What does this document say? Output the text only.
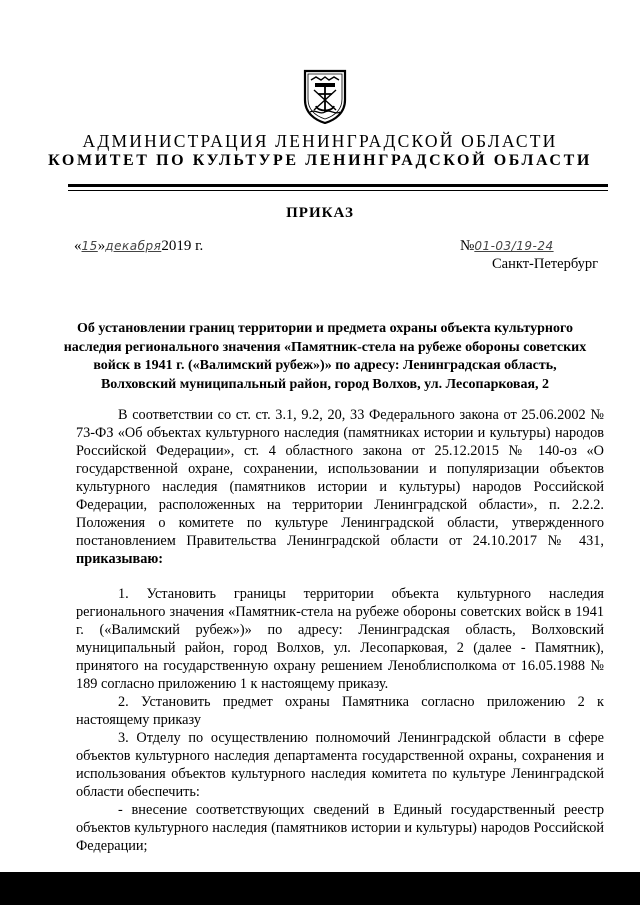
АДМИНИСТРАЦИЯ ЛЕНИНГРАДСКОЙ ОБЛАСТИ
КОМИТЕТ ПО КУЛЬТУРЕ ЛЕНИНГРАДСКОЙ ОБЛАСТИ
ПРИКАЗ
«15»декабря2019 г.	№01-03/19-24
Санкт-Петербург

Об установлении границ территории и предмета охраны объекта культурного наследия регионального значения «Памятник-стела на рубеже обороны советских войск в 1941 г. («Валимский рубеж»)» по адресу: Ленинградская область, Волховский муниципальный район, город Волхов, ул. Лесопарковая, 2

В соответствии со ст. ст. 3.1, 9.2, 20, 33 Федерального закона от 25.06.2002 № 73-ФЗ «Об объектах культурного наследия (памятниках истории и культуры) народов Российской Федерации», ст. 4 областного закона от 25.12.2015 № 140-оз «О государственной охране, сохранении, использовании и популяризации объектов культурного наследия (памятников истории и культуры) народов Российской Федерации, расположенных на территории Ленинградской области», п. 2.2.2. Положения о комитете по культуре Ленинградской области, утвержденного постановлением Правительства Ленинградской области от 24.10.2017 № 431, приказываю:

1. Установить границы территории объекта культурного наследия регионального значения «Памятник-стела на рубеже обороны советских войск в 1941 г. («Валимский рубеж»)» по адресу: Ленинградская область, Волховский муниципальный район, город Волхов, ул. Лесопарковая, 2 (далее - Памятник), принятого на государственную охрану решением Леноблисполкома от 16.05.1988 № 189 согласно приложению 1 к настоящему приказу.

2. Установить предмет охраны Памятника согласно приложению 2 к настоящему приказу

3. Отделу по осуществлению полномочий Ленинградской области в сфере объектов культурного наследия департамента государственной охраны, сохранения и использования объектов культурного наследия комитета по культуре Ленинградской области обеспечить:

- внесение соответствующих сведений в Единый государственный реестр объектов культурного наследия (памятников истории и культуры) народов Российской Федерации;
